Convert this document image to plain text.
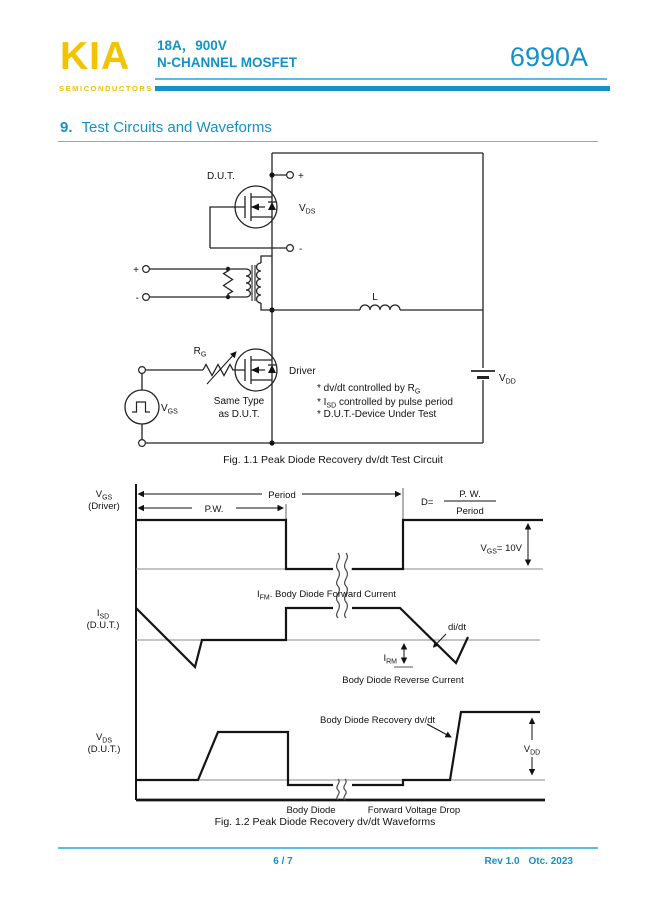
KIA
SEMICONDUCTORS
18A，900V
N-CHANNEL MOSFET	6990A
9. Test Circuits and Waveforms
D.U.T.	+
-
$V_{DS}$
+
-	L
$R_G$
Driver
Same Type
as D.U.T.
$V_{GS}$
$V_{DD}$
* dv/dt controlled by $R_G$
* $I_{SD}$ controlled by pulse period
* D.U.T.-Device Under Test
Fig. 1.1 Peak Diode Recovery dv/dt Test Circuit
$V_{GS}$
(Driver)
$I_{SD}$
(D.U.T.)
$V_{DS}$
(D.U.T.)
P.W.
Period
D=
P. W.
Period
$V_{GS}= 10V$
$I_{FM}$. Body Diode Forward Current
di/dt
$I_{RM}$
Body Diode Reverse Current
Body Diode Recovery dv/dt
$V_{DD}$
Body Diode	Forward Voltage Drop
Fig. 1.2 Peak Diode Recovery dv/dt Waveforms
6 / 7	Rev 1.0 Otc. 2023
